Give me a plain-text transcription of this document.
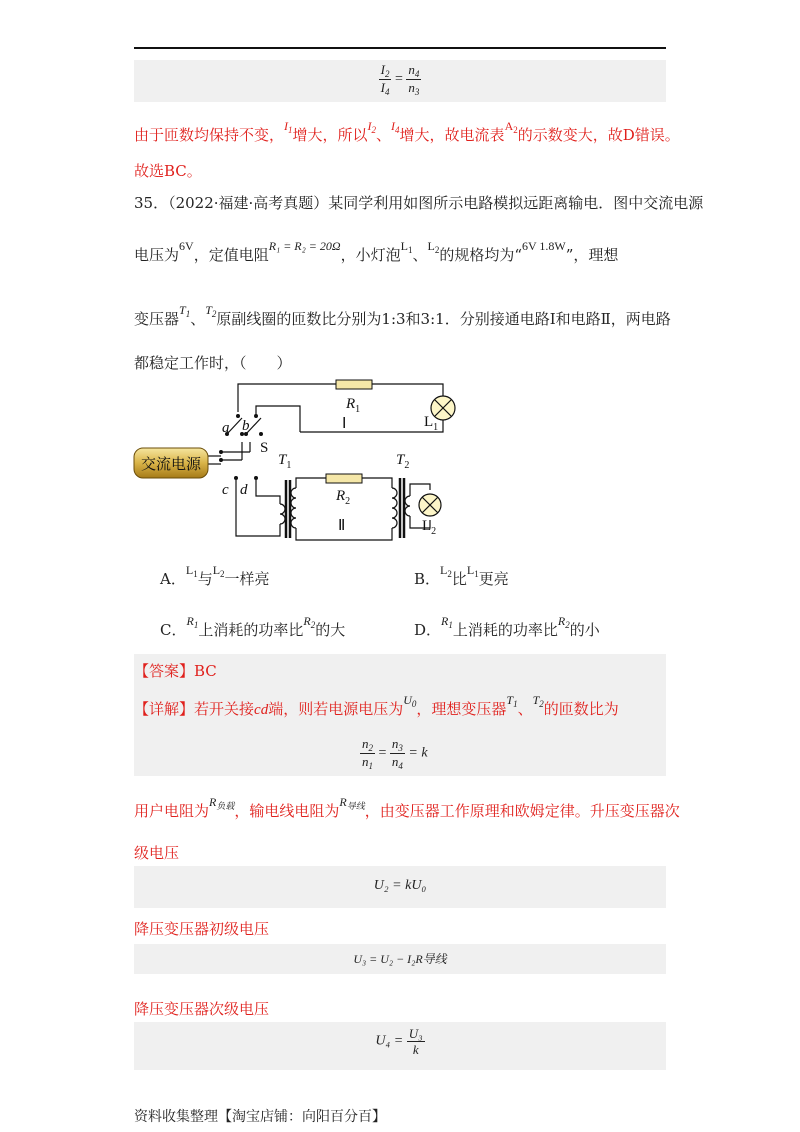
$\frac{I_2}{I_4} = \frac{n_4}{n_3}$
由于匝数均保持不变，$^{I_1}$增大，所以$^{I_2}$、$^{I_4}$增大，故电流表$^{A_2}$的示数变大，故D错误。
故选BC。
35．（2022·福建·高考真题）某同学利用如图所示电路模拟远距离输电．图中交流电源
电压为$^{6V}$，定值电阻$^{R_1 = R_2 = 20\Omega}$，小灯泡$^{L_1}$、$^{L_2}$的规格均为“$^{6V 1.8W}$”，理想
变压器$^{T_1}$、$^{T_2}$原副线圈的匝数比分别为1:3和3:1．分别接通电路Ⅰ和电路Ⅱ，两电路
都稳定工作时，（　　）
交流电源
a b
c d
$R_1$
$R_2$
$T_1$	$T_2$
S
$L_1$
$L_2$
Ⅰ
Ⅱ
A．$^{L_1}$与$^{L_2}$一样亮	B．$^{L_2}$比$^{L_1}$更亮
C．$^{R_1}$上消耗的功率比$^{R_2}$的大	D．$^{R_1}$上消耗的功率比$^{R_2}$的小
【答案】BC
【详解】若开关接cd端，则若电源电压为$^{U_0}$，理想变压器$^{T_1}$、$^{T_2}$的匝数比为
$\frac{n_2}{n_1} = \frac{n_3}{n_4} = k$
用户电阻为$^{R_{负载}}$，输电线电阻为$^{R_{导线}}$，由变压器工作原理和欧姆定律。升压变压器次
级电压
U₂ = kU₀
降压变压器初级电压
U₃ = U₂ − I₂R导线
降压变压器次级电压
$U_4 = \frac{\text{U₃}}{k}$
资料收集整理【淘宝店铺：向阳百分百】
